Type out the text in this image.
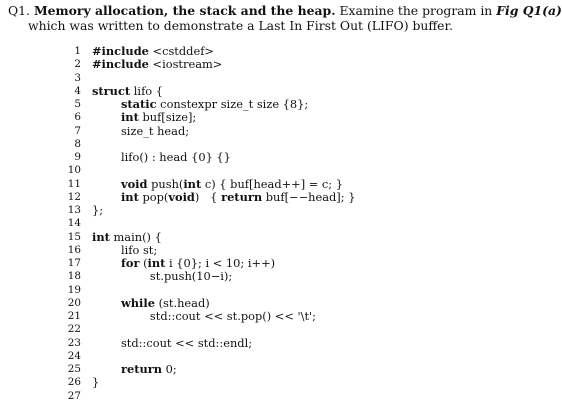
Q1. Memory allocation, the stack and the heap. Examine the program in Fig Q1(a)
which was written to demonstrate a Last In First Out (LIFO) buffer.
1 #include <cstddef>
2 #include <iostream>
3
4 struct lifo {
5	static constexpr size_t size {8};
6	int buf[size];
7 size_t head;
8
9 lifo() : head {0} {}
10
11	void push(int c) { buf[head++] = c; }
12	int pop(void)   { return buf[−−head]; }
13 };
14
15 int main() {
16 lifo st;
17	for (int i {0}; i < 10; i++)
18 st.push(10−i);
19
20	while (st.head)
21 std::cout << st.pop() << '\t';
22
23 std::cout << std::endl;
24
25	return 0;
26 }
27
